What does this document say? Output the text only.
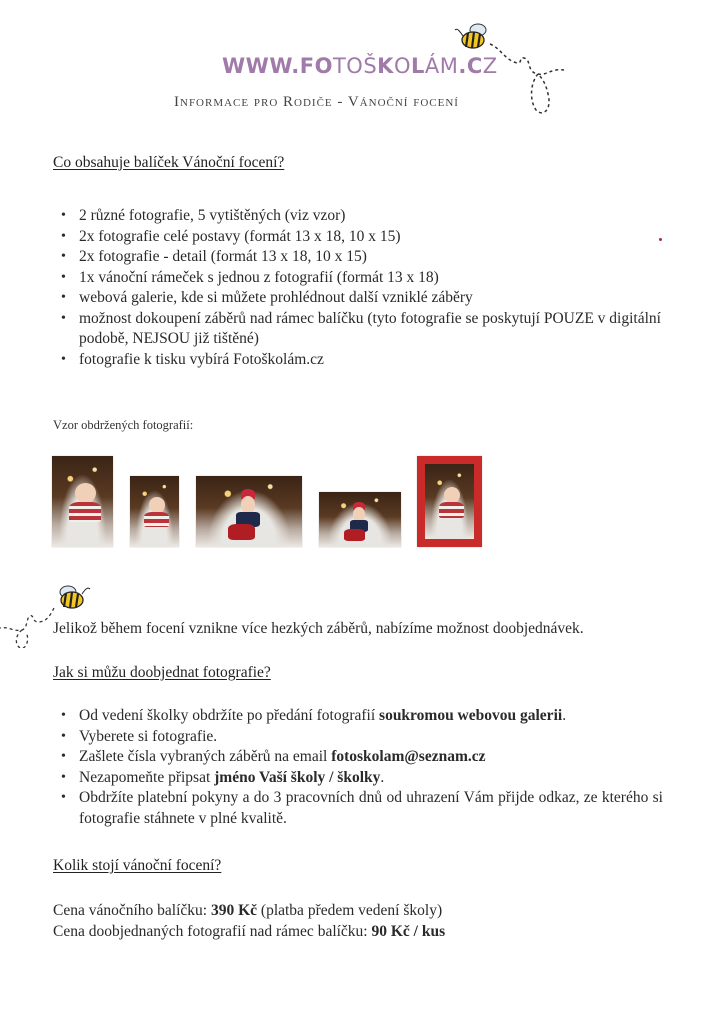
WWW.FOTOŠKOLÁM.CZ
Informace pro Rodiče - Vánoční focení
Co obsahuje balíček Vánoční focení?
• 2 různé fotografie, 5 vytištěných (viz vzor)
• 2x fotografie celé postavy (formát 13 x 18, 10 x 15)
• 2x fotografie - detail (formát 13 x 18, 10 x 15)
• 1x vánoční rámeček s jednou z fotografií (formát 13 x 18)
• webová galerie, kde si můžete prohlédnout další vzniklé záběry
• možnost dokoupení záběrů nad rámec balíčku (tyto fotografie se poskytují POUZE v digitální podobě, NEJSOU již tištěné)
• fotografie k tisku vybírá Fotoškolám.cz
Vzor obdržených fotografií:
Jelikož během focení vznikne více hezkých záběrů, nabízíme možnost doobjednávek.
Jak si můžu doobjednat fotografie?
• Od vedení školky obdržíte po předání fotografií soukromou webovou galerii.
• Vyberete si fotografie.
• Zašlete čísla vybraných záběrů na email fotoskolam@seznam.cz
• Nezapomeňte připsat jméno Vaší školy / školky.
• Obdržíte platební pokyny a do 3 pracovních dnů od uhrazení Vám přijde odkaz, ze kterého si fotografie stáhnete v plné kvalitě.
Kolik stojí vánoční focení?
Cena vánočního balíčku: 390 Kč (platba předem vedení školy)
Cena doobjednaných fotografií nad rámec balíčku: 90 Kč / kus
